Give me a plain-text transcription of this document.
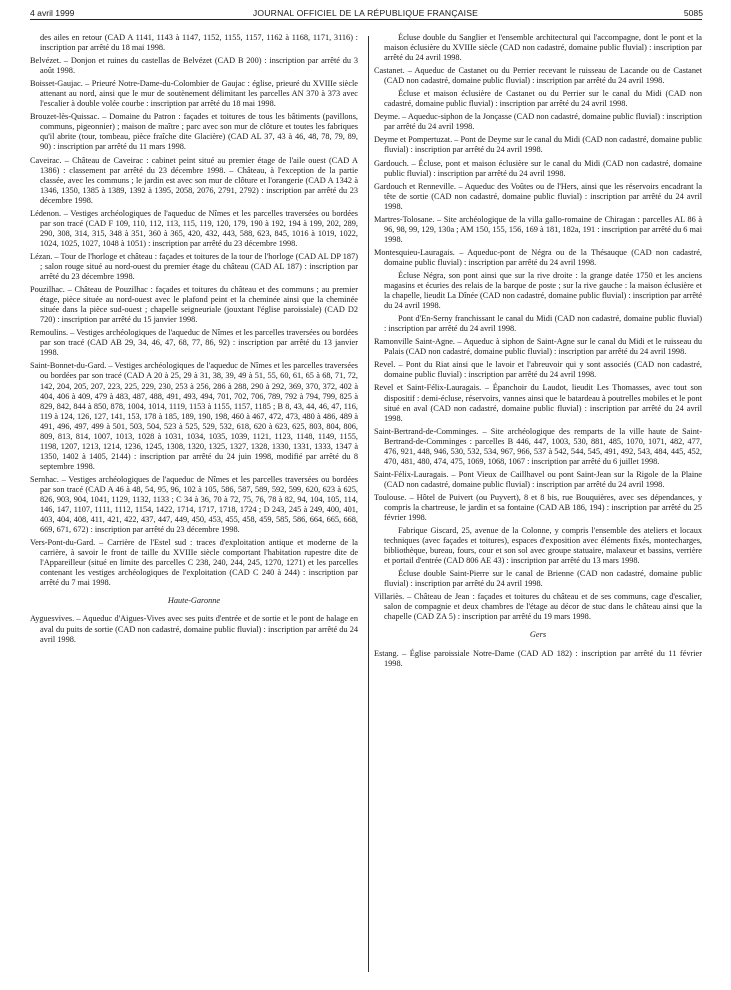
4 avril 1999	JOURNAL OFFICIEL DE LA RÉPUBLIQUE FRANÇAISE	5085

des ailes en retour (CAD A 1141, 1143 à 1147, 1152, 1155, 1157, 1162 à 1168, 1171, 3116) : inscription par arrêté du 18 mai 1998.

Belvézet. – Donjon et ruines du castellas de Belvézet (CAD B 200) : inscription par arrêté du 3 août 1998.

Boisset-Gaujac. – Prieuré Notre-Dame-du-Colombier de Gaujac : église, prieuré du XVIIIe siècle attenant au nord, ainsi que le mur de soutènement délimitant les parcelles AN 370 à 373 avec l'escalier à double volée courbe : inscription par arrêté du 18 mai 1998.

Brouzet-lès-Quissac. – Domaine du Patron : façades et toitures de tous les bâtiments (pavillons, communs, pigeonnier) ; maison de maître ; parc avec son mur de clôture et toutes les fabriques qu'il abrite (tour, tombeau, pièce fraîche dite Glacière) (CAD AL 37, 43 à 46, 48, 78, 79, 89, 90) : inscription par arrêté du 11 mars 1998.

Caveirac. – Château de Caveirac : cabinet peint situé au premier étage de l'aile ouest (CAD A 1386) : classement par arrêté du 23 décembre 1998. – Château, à l'exception de la partie classée, avec les communs ; le jardin est avec son mur de clôture et l'orangerie (CAD A 1342 à 1346, 1350, 1385 à 1389, 1392 à 1395, 2058, 2076, 2791, 2792) : inscription par arrêté du 23 décembre 1998.

Lédenon. – Vestiges archéologiques de l'aqueduc de Nîmes et les parcelles traversées ou bordées par son tracé (CAD F 109, 110, 112, 113, 115, 119, 120, 179, 190 à 192, 194 à 199, 202, 289, 290, 308, 314, 315, 348 à 351, 360 à 365, 420, 432, 443, 588, 623, 845, 1016 à 1019, 1022, 1024, 1025, 1027, 1048 à 1051) : inscription par arrêté du 23 décembre 1998.

Lézan. – Tour de l'horloge et château : façades et toitures de la tour de l'horloge (CAD AL DP 187) ; salon rouge situé au nord-ouest du premier étage du château (CAD AL 187) : inscription par arrêté du 23 décembre 1998.

Pouzilhac. – Château de Pouzilhac : façades et toitures du château et des communs ; au premier étage, pièce située au nord-ouest avec le plafond peint et la cheminée ainsi que la cheminée située dans la pièce sud-ouest ; chapelle seigneuriale (jouxtant l'église paroissiale) (CAD D2 720) : inscription par arrêté du 15 janvier 1998.

Remoulins. – Vestiges archéologiques de l'aqueduc de Nîmes et les parcelles traversées ou bordées par son tracé (CAD AB 29, 34, 46, 47, 68, 77, 86, 92) : inscription par arrêté du 13 janvier 1998.

Saint-Bonnet-du-Gard. – Vestiges archéologiques de l'aqueduc de Nîmes et les parcelles traversées ou bordées par son tracé (CAD A 20 à 25, 29 à 31, 38, 39, 49 à 51, 55, 60, 61, 65 à 68, 71, 72, 142, 204, 205, 207, 223, 225, 229, 230, 253 à 256, 286 à 288, 290 à 292, 369, 370, 372, 402 à 404, 406 à 409, 479 à 483, 487, 488, 491, 493, 494, 701, 702, 706, 789, 792 à 794, 799, 825 à 829, 842, 844 à 850, 878, 1004, 1014, 1119, 1153 à 1155, 1157, 1185 ; B 8, 43, 44, 46, 47, 116, 119 à 124, 126, 127, 141, 153, 178 à 185, 189, 190, 198, 460 à 467, 472, 473, 480 à 486, 489 à 491, 496, 497, 499 à 501, 503, 504, 523 à 525, 529, 532, 618, 620 à 623, 625, 803, 804, 806, 809, 813, 814, 1007, 1013, 1028 à 1031, 1034, 1035, 1039, 1121, 1123, 1148, 1149, 1155, 1198, 1207, 1213, 1214, 1236, 1245, 1308, 1320, 1325, 1327, 1328, 1330, 1331, 1333, 1347 à 1350, 1402 à 1405, 2144) : inscription par arrêté du 24 juin 1998, modifié par arrêté du 8 septembre 1998.

Sernhac. – Vestiges archéologiques de l'aqueduc de Nîmes et les parcelles traversées ou bordées par son tracé (CAD A 46 à 48, 54, 95, 96, 102 à 105, 586, 587, 589, 592, 599, 620, 623 à 625, 826, 903, 904, 1041, 1129, 1132, 1133 ; C 34 à 36, 70 à 72, 75, 76, 78 à 82, 94, 104, 105, 114, 146, 147, 1107, 1111, 1112, 1154, 1422, 1714, 1717, 1718, 1724 ; D 243, 245 à 249, 400, 401, 403, 404, 408, 411, 421, 422, 437, 447, 449, 450, 453, 455, 458, 459, 585, 586, 664, 665, 668, 669, 671, 672) : inscription par arrêté du 23 décembre 1998.

Vers-Pont-du-Gard. – Carrière de l'Estel sud : traces d'exploitation antique et moderne de la carrière, à savoir le front de taille du XVIIIe siècle comportant l'habitation rupestre dite de l'Appareilleur (situé en limite des parcelles C 238, 240, 244, 245, 1270, 1271) et les parcelles contenant les vestiges archéologiques de l'exploitation (CAD C 240 à 244) : inscription par arrêté du 7 mai 1998.

Haute-Garonne

Ayguesvives. – Aqueduc d'Aigues-Vives avec ses puits d'entrée et de sortie et le pont de halage en aval du puits de sortie (CAD non cadastré, domaine public fluvial) : inscription par arrêté du 24 avril 1998.

Écluse double du Sanglier et l'ensemble architectural qui l'accompagne, dont le pont et la maison éclusière du XVIIIe siècle (CAD non cadastré, domaine public fluvial) : inscription par arrêté du 24 avril 1998.

Castanet. – Aqueduc de Castanet ou du Perrier recevant le ruisseau de Lacande ou de Castanet (CAD non cadastré, domaine public fluvial) : inscription par arrêté du 24 avril 1998.

Écluse et maison éclusière de Castanet ou du Perrier sur le canal du Midi (CAD non cadastré, domaine public fluvial) : inscription par arrêté du 24 avril 1998.

Deyme. – Aqueduc-siphon de la Jonçasse (CAD non cadastré, domaine public fluvial) : inscription par arrêté du 24 avril 1998.

Deyme et Pompertuzat. – Pont de Deyme sur le canal du Midi (CAD non cadastré, domaine public fluvial) : inscription par arrêté du 24 avril 1998.

Gardouch. – Écluse, pont et maison éclusière sur le canal du Midi (CAD non cadastré, domaine public fluvial) : inscription par arrêté du 24 avril 1998.

Gardouch et Renneville. – Aqueduc des Voûtes ou de l'Hers, ainsi que les réservoirs encadrant la tête de sortie (CAD non cadastré, domaine public fluvial) : inscription par arrêté du 24 avril 1998.

Martres-Tolosane. – Site archéologique de la villa gallo-romaine de Chiragan : parcelles AL 86 à 96, 98, 99, 129, 130a ; AM 150, 155, 156, 169 à 181, 182a, 191 : inscription par arrêté du 6 mai 1998.

Montesquieu-Lauragais. – Aqueduc-pont de Négra ou de la Thésauque (CAD non cadastré, domaine public fluvial) : inscription par arrêté du 24 avril 1998.

Écluse Négra, son pont ainsi que sur la rive droite : la grange datée 1750 et les anciens magasins et écuries des relais de la barque de poste ; sur la rive gauche : la maison éclusière et la chapelle, lieudit La Dînée (CAD non cadastré, domaine public fluvial) : inscription par arrêté du 24 avril 1998.

Pont d'En-Serny franchissant le canal du Midi (CAD non cadastré, domaine public fluvial) : inscription par arrêté du 24 avril 1998.

Ramonville Saint-Agne. – Aqueduc à siphon de Saint-Agne sur le canal du Midi et le ruisseau du Palais (CAD non cadastré, domaine public fluvial) : inscription par arrêté du 24 avril 1998.

Revel. – Pont du Riat ainsi que le lavoir et l'abreuvoir qui y sont associés (CAD non cadastré, domaine public fluvial) : inscription par arrêté du 24 avril 1998.

Revel et Saint-Félix-Lauragais. – Épanchoir du Laudot, lieudit Les Thomasses, avec tout son dispositif : demi-écluse, réservoirs, vannes ainsi que le batardeau à poutrelles mobiles et le pont situé en aval (CAD non cadastré, domaine public fluvial) : inscription par arrêté du 24 avril 1998.

Saint-Bertrand-de-Comminges. – Site archéologique des remparts de la ville haute de Saint-Bertrand-de-Comminges : parcelles B 446, 447, 1003, 530, 881, 485, 1070, 1071, 482, 477, 476, 921, 448, 946, 530, 532, 534, 967, 966, 537 à 542, 544, 545, 491, 492, 543, 484, 445, 452, 470, 481, 480, 474, 475, 1069, 1068, 1067 : inscription par arrêté du 6 juillet 1998.

Saint-Félix-Lauragais. – Pont Vieux de Caillhavel ou pont Saint-Jean sur la Rigole de la Plaine (CAD non cadastré, domaine public fluvial) : inscription par arrêté du 24 avril 1998.

Toulouse. – Hôtel de Puivert (ou Puyvert), 8 et 8 bis, rue Bouquières, avec ses dépendances, y compris la chartreuse, le jardin et sa fontaine (CAD AB 186, 194) : inscription par arrêté du 25 février 1998.

Fabrique Giscard, 25, avenue de la Colonne, y compris l'ensemble des ateliers et locaux techniques (avec façades et toitures), espaces d'exposition avec éléments fixés, montecharges, bibliothèque, bureau, fours, cour et son sol avec groupe statuaire, malaxeur et bassins, verrière et portail d'entrée (CAD 806 AE 43) : inscription par arrêté du 13 mars 1998.

Écluse double Saint-Pierre sur le canal de Brienne (CAD non cadastré, domaine public fluvial) : inscription par arrêté du 24 avril 1998.

Villariès. – Château de Jean : façades et toitures du château et de ses communs, cage d'escalier, salon de compagnie et deux chambres de l'étage au décor de stuc dans le château ainsi que la chapelle (CAD ZA 5) : inscription par arrêté du 19 mars 1998.

Gers

Estang. – Église paroissiale Notre-Dame (CAD AD 182) : inscription par arrêté du 11 février 1998.
